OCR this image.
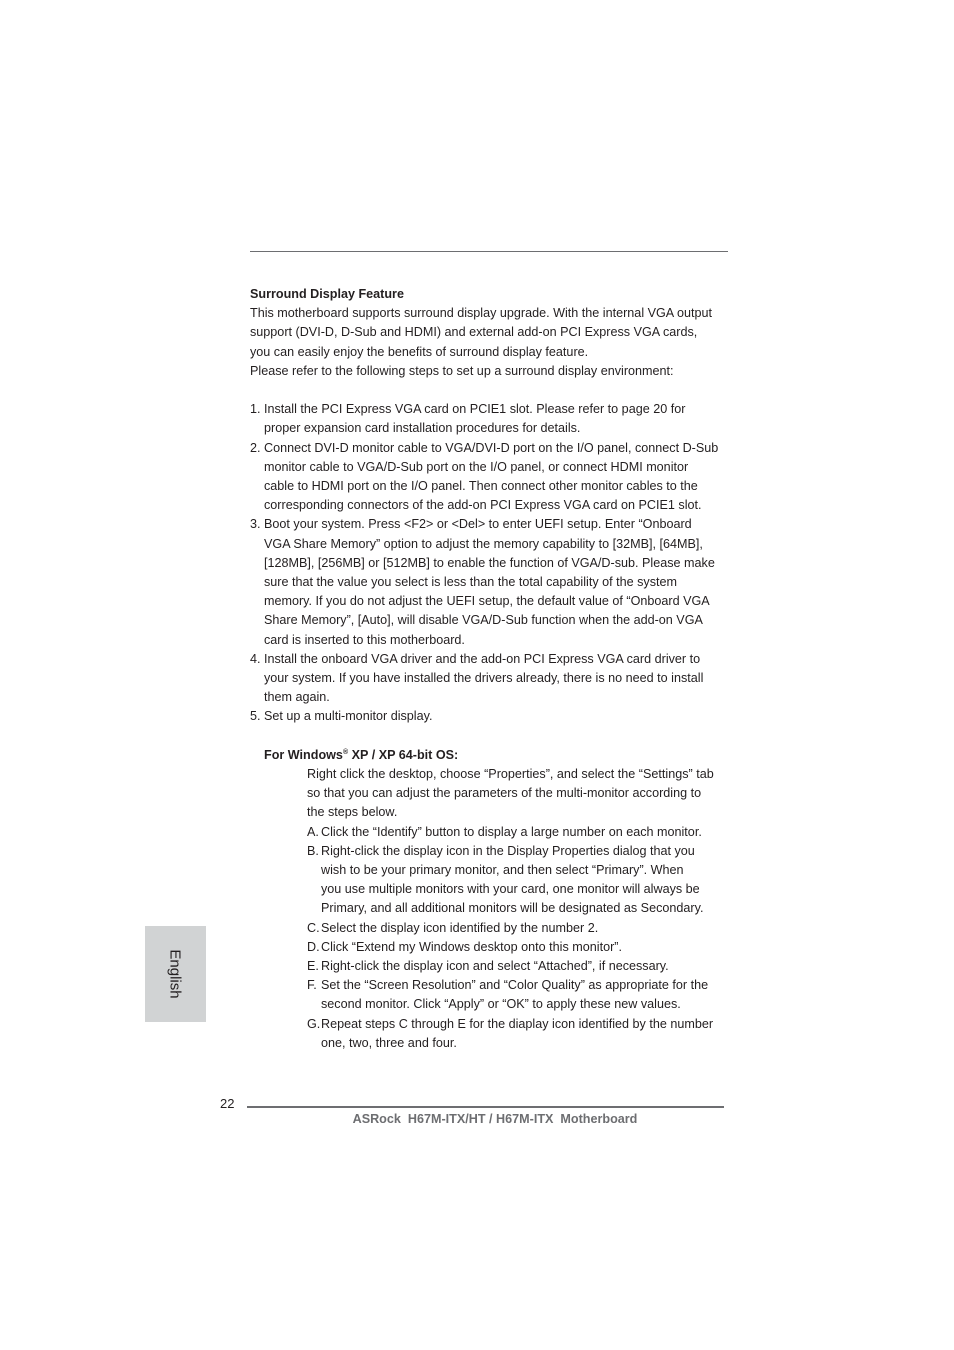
Surround Display Feature

This motherboard supports surround display upgrade. With the internal VGA output

support (DVI-D, D-Sub and HDMI) and external add-on PCI Express VGA cards,

you can easily enjoy the benefits of surround display feature.

Please refer to the following steps to set up a surround display environment:

1. Install the PCI Express VGA card on PCIE1 slot. Please refer to page 20 for

proper expansion card installation procedures for details.

2. Connect DVI-D monitor cable to VGA/DVI-D port on the I/O panel, connect D-Sub

monitor cable to VGA/D-Sub port on the I/O panel, or connect HDMI monitor

cable to HDMI port on the I/O panel. Then connect other monitor cables to the

corresponding connectors of the add-on PCI Express VGA card on PCIE1 slot.

3. Boot your system. Press <F2> or <Del> to enter UEFI setup. Enter “Onboard

VGA Share Memory” option to adjust the memory capability to [32MB], [64MB],

[128MB], [256MB] or [512MB] to enable the function of VGA/D-sub. Please make

sure that the value you select is less than the total capability of the system

memory. If you do not adjust the UEFI setup, the default value of “Onboard VGA

Share Memory”, [Auto], will disable VGA/D-Sub function when the add-on VGA

card is inserted to this motherboard.

4. Install the onboard VGA driver and the add-on PCI Express VGA card driver to

your system. If you have installed the drivers already, there is no need to install

them again.

5. Set up a multi-monitor display.

For Windows® XP / XP 64-bit OS:

Right click the desktop, choose “Properties”, and select the “Settings” tab

so that you can adjust the parameters of the multi-monitor according to

the steps below.

A. Click the “Identify” button to display a large number on each monitor.

B. Right-click the display icon in the Display Properties dialog that you

wish to be your primary monitor, and then select “Primary”. When

you use multiple monitors with your card, one monitor will always be

Primary, and all additional monitors will be designated as Secondary.

C. Select the display icon identified by the number 2.

D. Click “Extend my Windows desktop onto this monitor”.

E. Right-click the display icon and select “Attached”, if necessary.

F. Set the “Screen Resolution” and “Color Quality” as appropriate for the

second monitor. Click “Apply” or “OK” to apply these new values.

G. Repeat steps C through E for the diaplay icon identified by the number

one, two, three and four.

English
22
ASRock  H67M-ITX/HT / H67M-ITX  Motherboard
